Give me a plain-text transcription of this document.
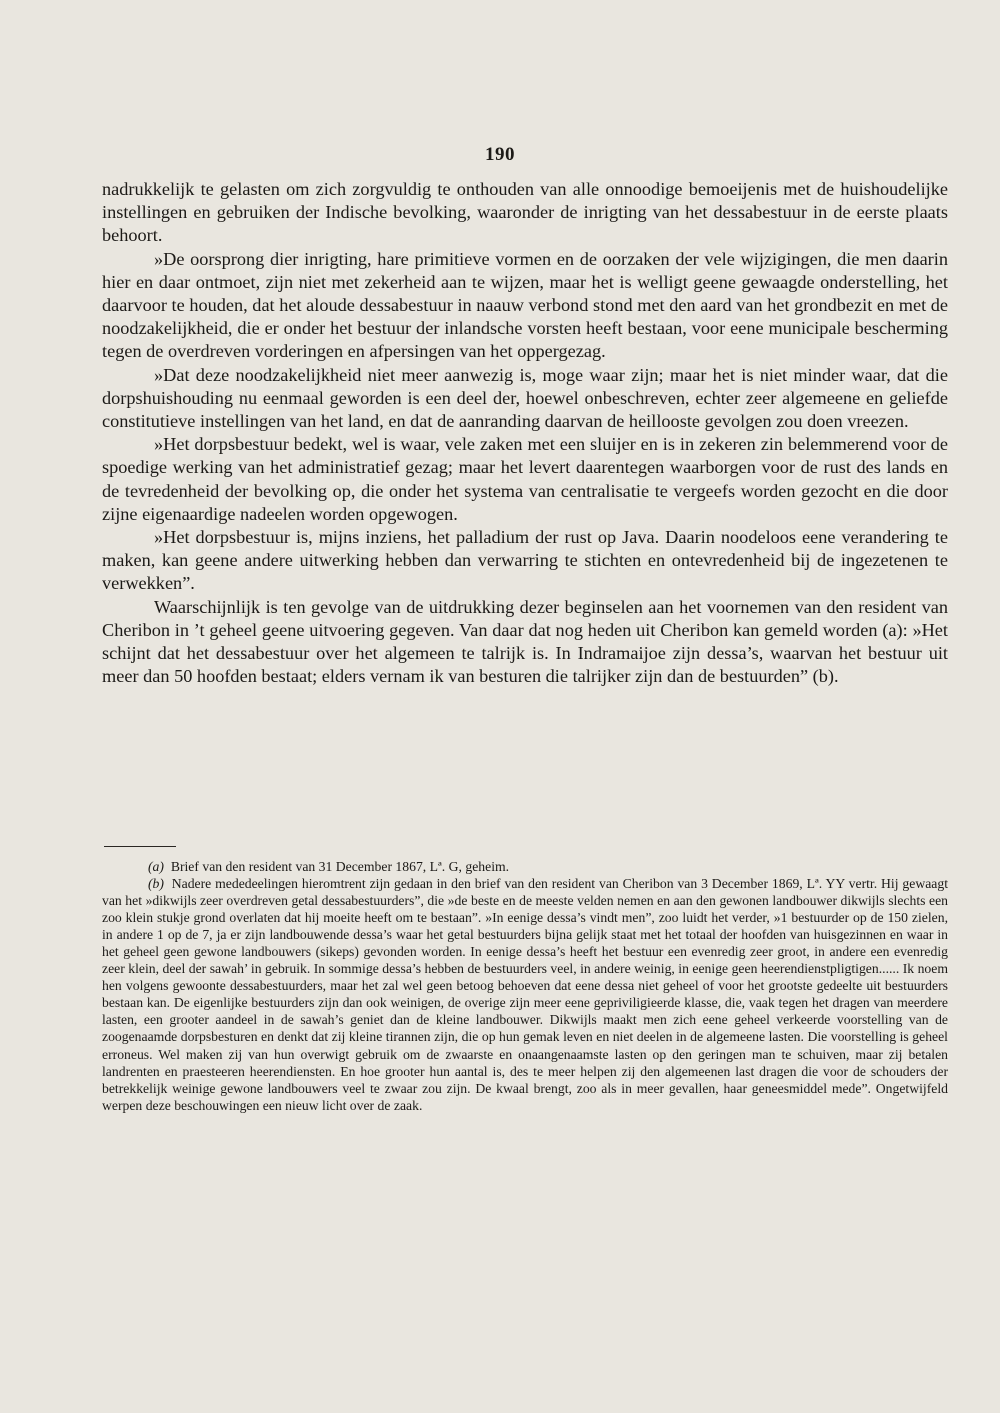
190

nadrukkelijk te gelasten om zich zorgvuldig te onthouden van alle onnoodige bemoeijenis met de huishoudelijke instellingen en gebruiken der Indische bevolking, waaronder de inrigting van het dessabestuur in de eerste plaats behoort.

»De oorsprong dier inrigting, hare primitieve vormen en de oorzaken der vele wijzigingen, die men daarin hier en daar ontmoet, zijn niet met zekerheid aan te wijzen, maar het is welligt geene gewaagde onderstelling, het daarvoor te houden, dat het aloude dessabestuur in naauw verbond stond met den aard van het grondbezit en met de noodzakelijkheid, die er onder het bestuur der inlandsche vorsten heeft bestaan, voor eene municipale bescherming tegen de overdreven vorderingen en afpersingen van het oppergezag.

»Dat deze noodzakelijkheid niet meer aanwezig is, moge waar zijn; maar het is niet minder waar, dat die dorpshuishouding nu eenmaal geworden is een deel der, hoewel onbeschreven, echter zeer algemeene en geliefde constitutieve instellingen van het land, en dat de aanranding daarvan de heillooste gevolgen zou doen vreezen.

»Het dorpsbestuur bedekt, wel is waar, vele zaken met een sluijer en is in zekeren zin belemmerend voor de spoedige werking van het administratief gezag; maar het levert daarentegen waarborgen voor de rust des lands en de tevredenheid der bevolking op, die onder het systema van centralisatie te vergeefs worden gezocht en die door zijne eigenaardige nadeelen worden opgewogen.

»Het dorpsbestuur is, mijns inziens, het palladium der rust op Java. Daarin noodeloos eene verandering te maken, kan geene andere uitwerking hebben dan verwarring te stichten en ontevredenheid bij de ingezetenen te verwekken”.

Waarschijnlijk is ten gevolge van de uitdrukking dezer beginselen aan het voornemen van den resident van Cheribon in ’t geheel geene uitvoering gegeven. Van daar dat nog heden uit Cheribon kan gemeld worden (a): »Het schijnt dat het dessabestuur over het algemeen te talrijk is. In Indramaijoe zijn dessa’s, waarvan het bestuur uit meer dan 50 hoofden bestaat; elders vernam ik van besturen die talrijker zijn dan de bestuurden” (b).

(a) Brief van den resident van 31 December 1867, Lª. G, geheim.

(b) Nadere mededeelingen hieromtrent zijn gedaan in den brief van den resident van Cheribon van 3 December 1869, Lª. YY vertr. Hij gewaagt van het »dikwijls zeer overdreven getal dessabestuurders”, die »de beste en de meeste velden nemen en aan den gewonen landbouwer dikwijls slechts een zoo klein stukje grond overlaten dat hij moeite heeft om te bestaan”. »In eenige dessa’s vindt men”, zoo luidt het verder, »1 bestuurder op de 150 zielen, in andere 1 op de 7, ja er zijn landbouwende dessa’s waar het getal bestuurders bijna gelijk staat met het totaal der hoofden van huisgezinnen en waar in het geheel geen gewone landbouwers (sikeps) gevonden worden. In eenige dessa’s heeft het bestuur een evenredig zeer groot, in andere een evenredig zeer klein, deel der sawah’ in gebruik. In sommige dessa’s hebben de bestuurders veel, in andere weinig, in eenige geen heerendienstpligtigen...... Ik noem hen volgens gewoonte dessabestuurders, maar het zal wel geen betoog behoeven dat eene dessa niet geheel of voor het grootste gedeelte uit bestuurders bestaan kan. De eigenlijke bestuurders zijn dan ook weinigen, de overige zijn meer eene gepriviligieerde klasse, die, vaak tegen het dragen van meerdere lasten, een grooter aandeel in de sawah’s geniet dan de kleine landbouwer. Dikwijls maakt men zich eene geheel verkeerde voorstelling van de zoogenaamde dorpsbesturen en denkt dat zij kleine tirannen zijn, die op hun gemak leven en niet deelen in de algemeene lasten. Die voorstelling is geheel erroneus. Wel maken zij van hun overwigt gebruik om de zwaarste en onaangenaamste lasten op den geringen man te schuiven, maar zij betalen landrenten en praesteeren heerendiensten. En hoe grooter hun aantal is, des te meer helpen zij den algemeenen last dragen die voor de schouders der betrekkelijk weinige gewone landbouwers veel te zwaar zou zijn. De kwaal brengt, zoo als in meer gevallen, haar geneesmiddel mede”. Ongetwijfeld werpen deze beschouwingen een nieuw licht over de zaak.
